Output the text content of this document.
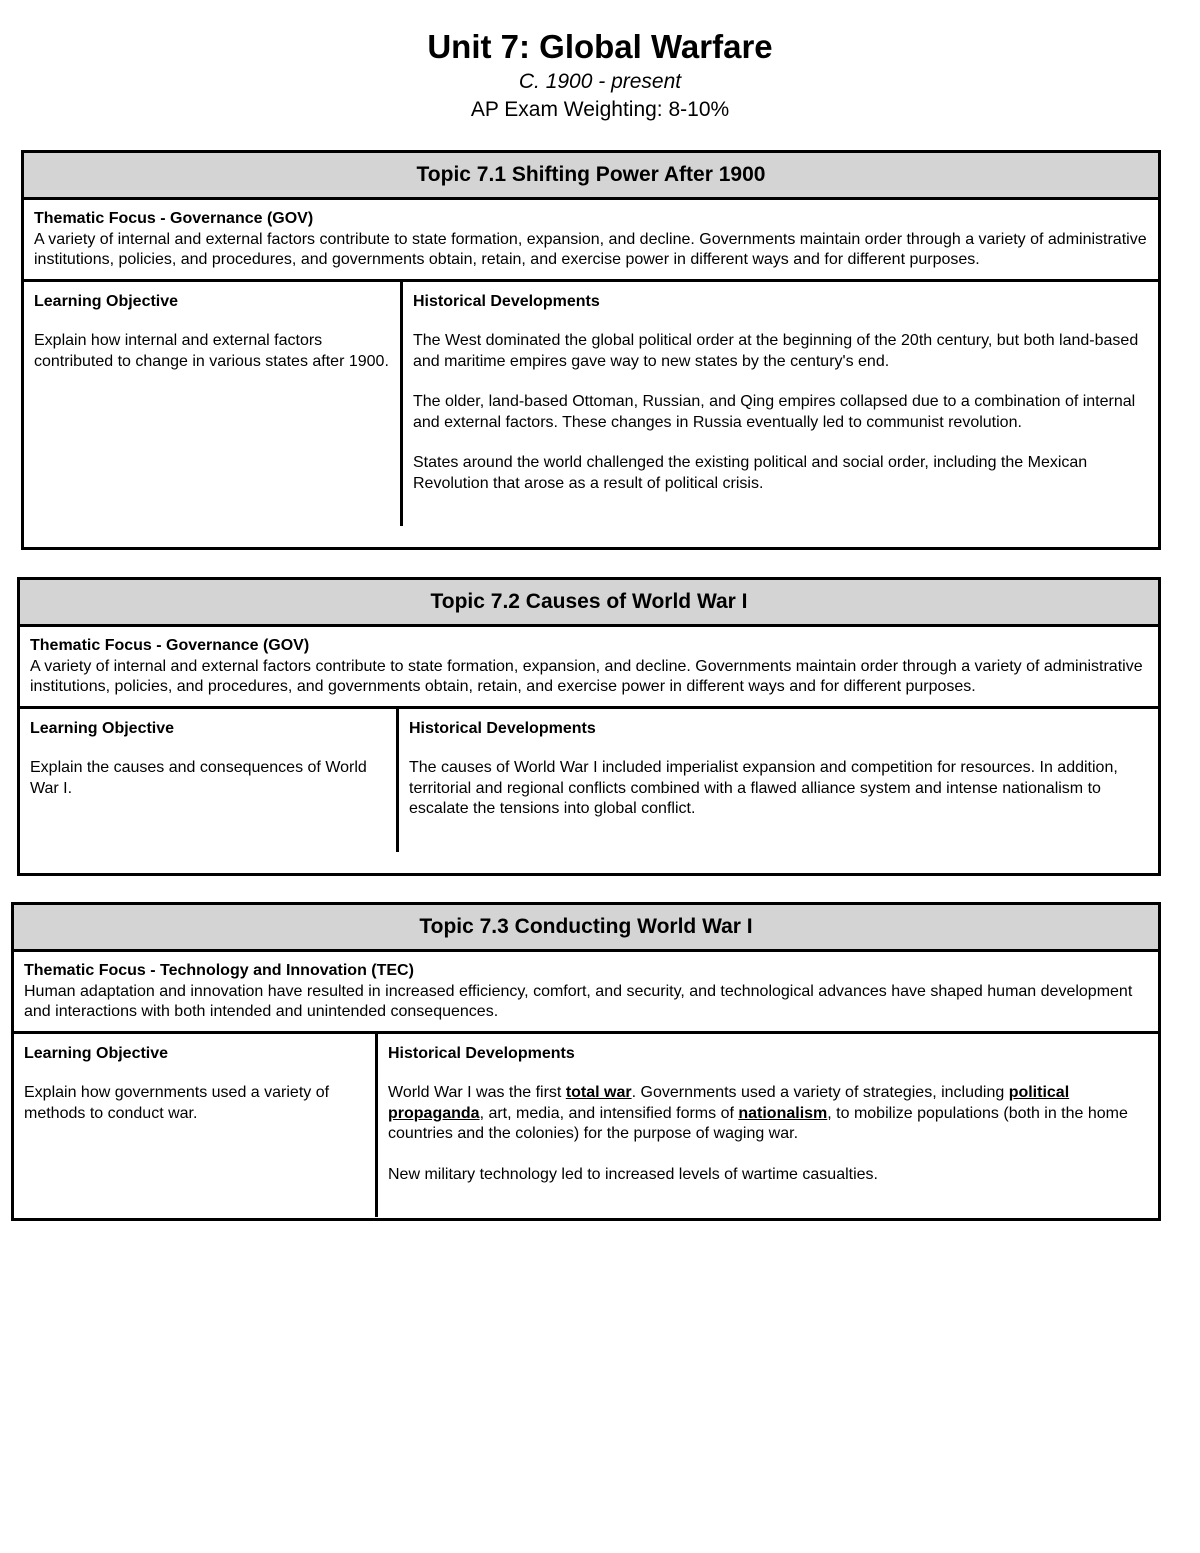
Unit 7: Global Warfare
C. 1900 - present
AP Exam Weighting: 8-10%
Topic 7.1 Shifting Power After 1900
Thematic Focus - Governance (GOV)
A variety of internal and external factors contribute to state formation, expansion, and decline. Governments maintain order through a variety of administrative institutions, policies, and procedures, and governments obtain, retain, and exercise power in different ways and for different purposes.
Learning Objective
Explain how internal and external factors contributed to change in various states after 1900.
Historical Developments
The West dominated the global political order at the beginning of the 20th century, but both land-based and maritime empires gave way to new states by the century's end.
The older, land-based Ottoman, Russian, and Qing empires collapsed due to a combination of internal and external factors. These changes in Russia eventually led to communist revolution.
States around the world challenged the existing political and social order, including the Mexican Revolution that arose as a result of political crisis.
Topic 7.2 Causes of World War I
Thematic Focus - Governance (GOV)
A variety of internal and external factors contribute to state formation, expansion, and decline. Governments maintain order through a variety of administrative institutions, policies, and procedures, and governments obtain, retain, and exercise power in different ways and for different purposes.
Learning Objective
Explain the causes and consequences of World War I.
Historical Developments
The causes of World War I included imperialist expansion and competition for resources. In addition, territorial and regional conflicts combined with a flawed alliance system and intense nationalism to escalate the tensions into global conflict.
Topic 7.3 Conducting World War I
Thematic Focus - Technology and Innovation (TEC)
Human adaptation and innovation have resulted in increased efficiency, comfort, and security, and technological advances have shaped human development and interactions with both intended and unintended consequences.
Learning Objective
Explain how governments used a variety of methods to conduct war.
Historical Developments
World War I was the first total war. Governments used a variety of strategies, including political propaganda, art, media, and intensified forms of nationalism, to mobilize populations (both in the home countries and the colonies) for the purpose of waging war.
New military technology led to increased levels of wartime casualties.
